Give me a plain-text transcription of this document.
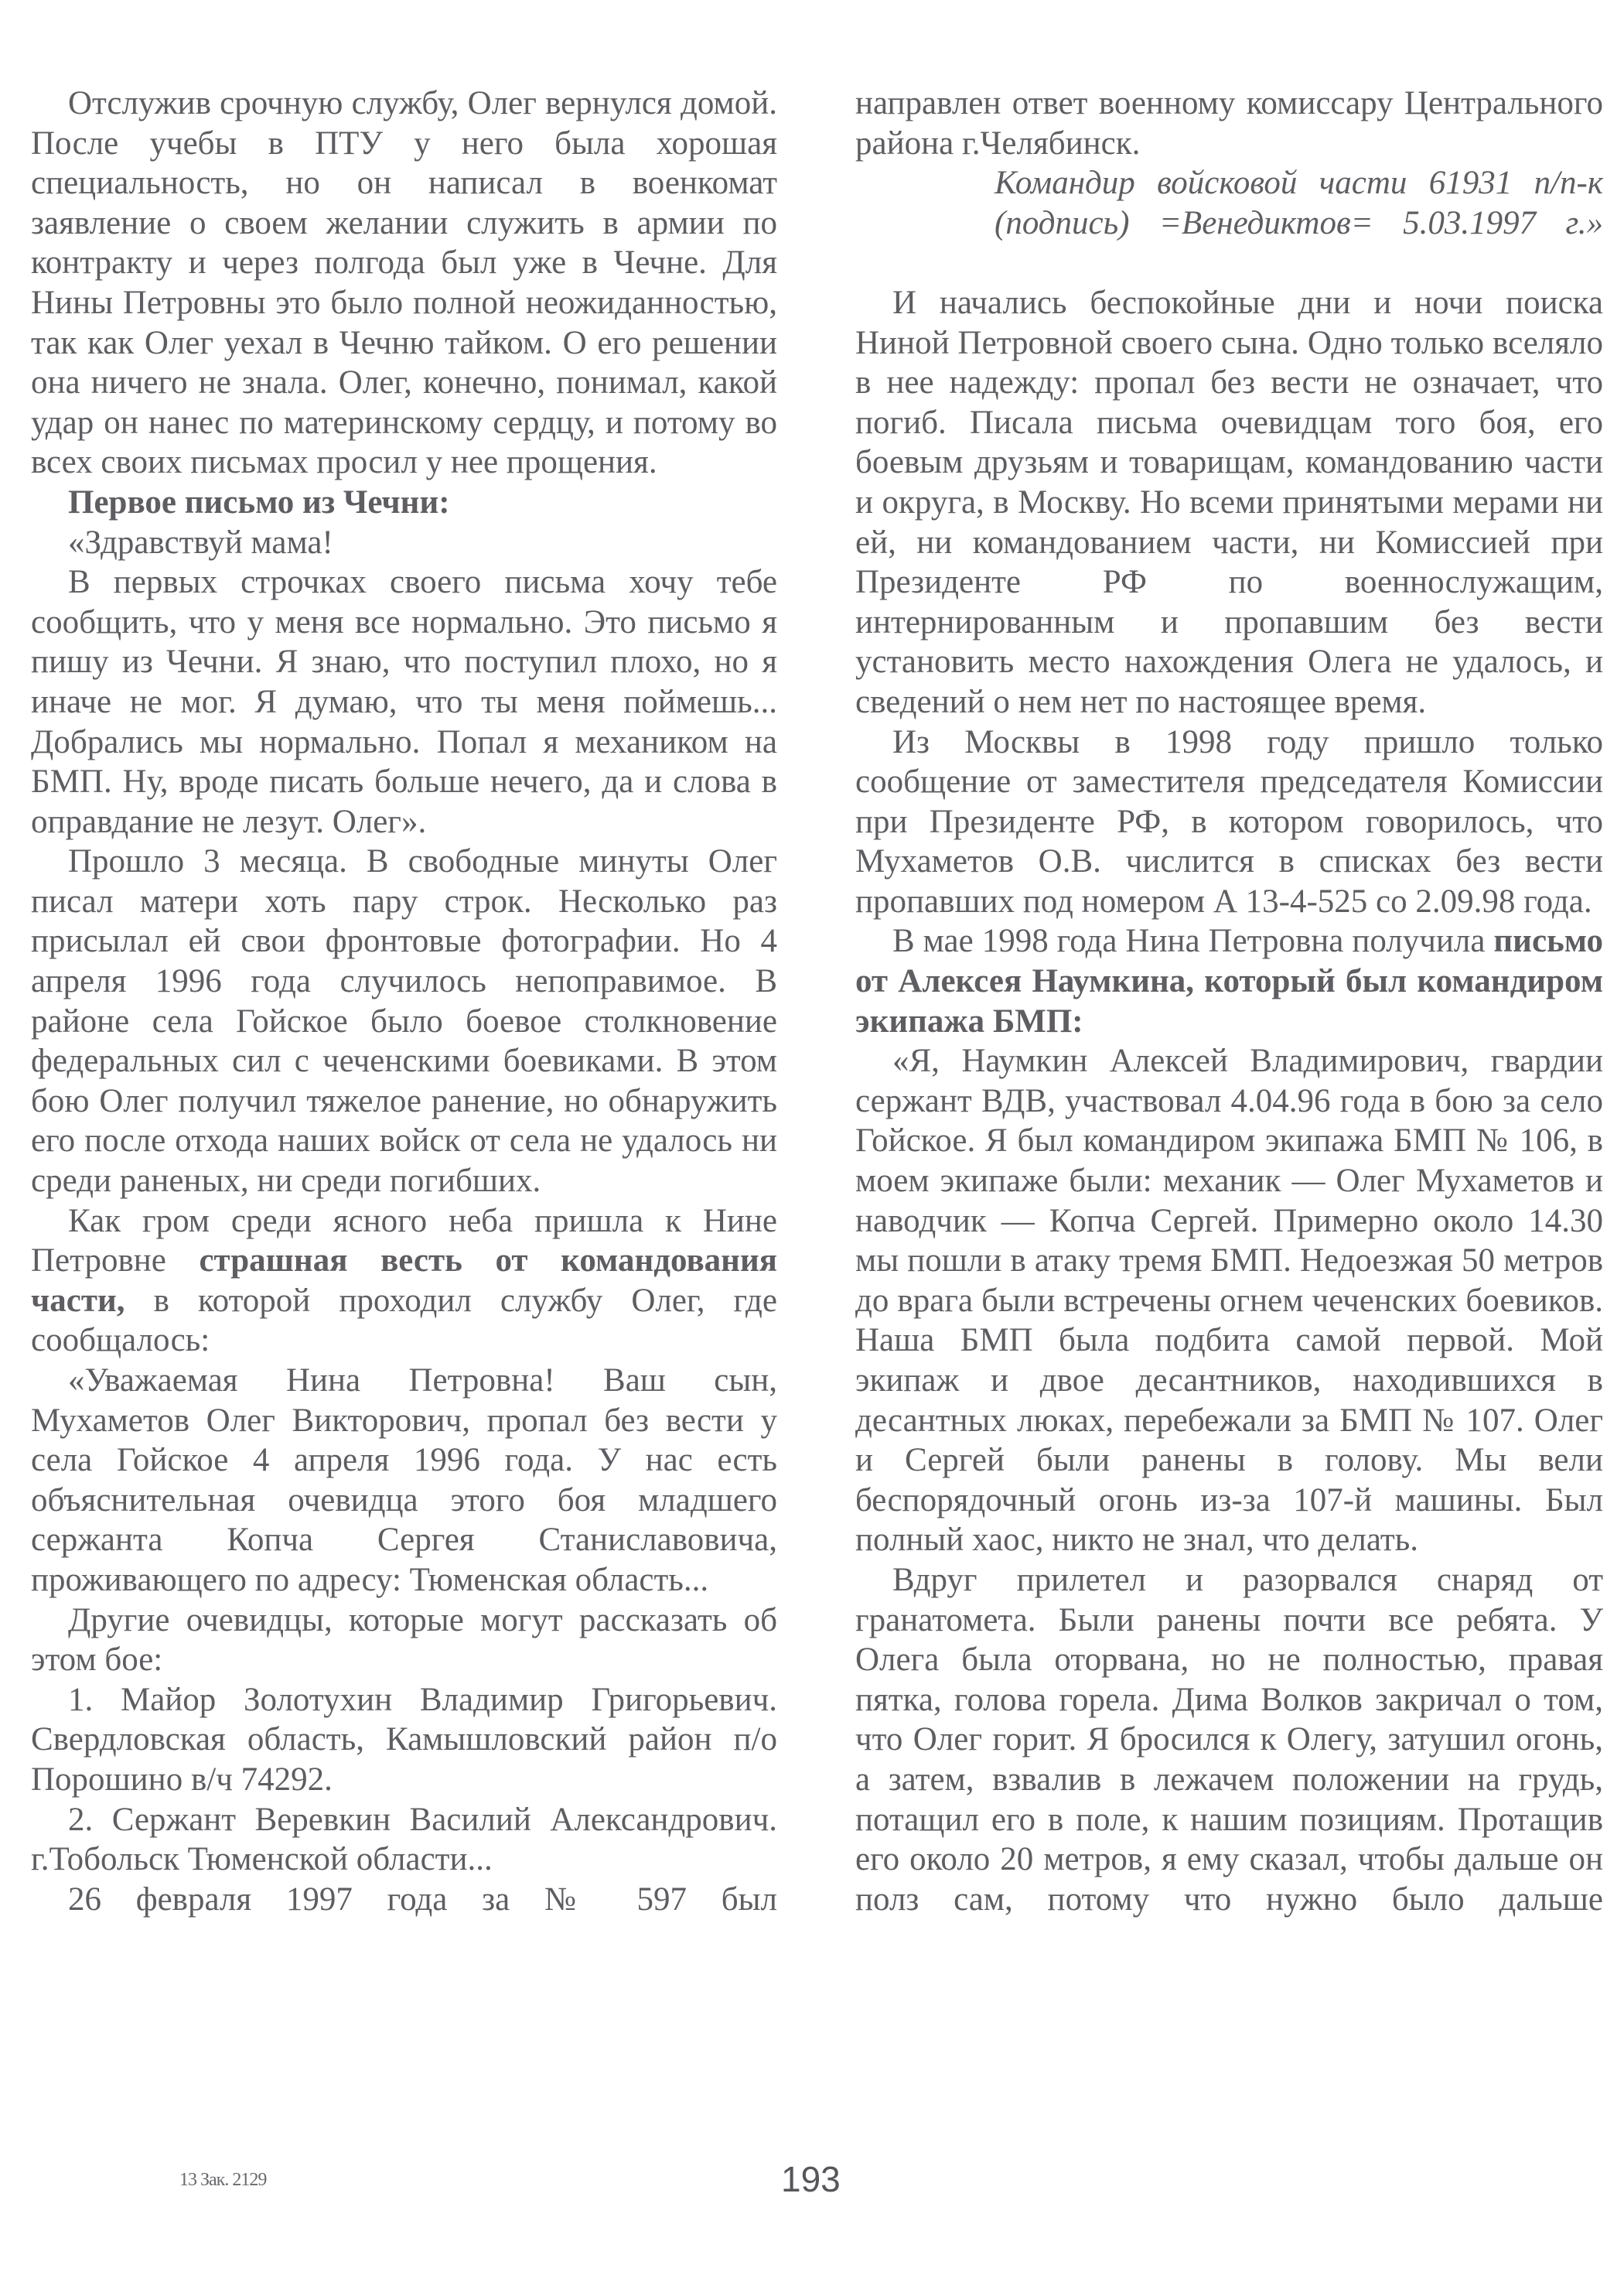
Отслужив срочную службу, Олег вернулся домой. После учебы в ПТУ у него была хорошая специальность, но он написал в военкомат заявление о своем желании служить в армии по контракту и через полгода был уже в Чечне. Для Нины Петровны это было полной неожиданностью, так как Олег уехал в Чечню тайком. О его решении она ничего не знала. Олег, конечно, понимал, какой удар он нанес по материнскому сердцу, и потому во всех своих письмах просил у нее прощения.

Первое письмо из Чечни:

«Здравствуй мама!

В первых строчках своего письма хочу тебе сообщить, что у меня все нормально. Это письмо я пишу из Чечни. Я знаю, что поступил плохо, но я иначе не мог. Я думаю, что ты меня поймешь... Добрались мы нормально. Попал я механиком на БМП. Ну, вроде писать больше нечего, да и слова в оправдание не лезут. Олег».

Прошло 3 месяца. В свободные минуты Олег писал матери хоть пару строк. Несколько раз присылал ей свои фронтовые фотографии. Но 4 апреля 1996 года случилось непоправимое. В районе села Гойское было боевое столкновение федеральных сил с чеченскими боевиками. В этом бою Олег получил тяжелое ранение, но обнаружить его после отхода наших войск от села не удалось ни среди раненых, ни среди погибших.

Как гром среди ясного неба пришла к Нине Петровне страшная весть от командования части, в которой проходил службу Олег, где сообщалось:

«Уважаемая Нина Петровна! Ваш сын, Мухаметов Олег Викторович, пропал без вести у села Гойское 4 апреля 1996 года. У нас есть объяснительная очевидца этого боя младшего сержанта Копча Сергея Станиславовича, проживающего по адресу: Тюменская область...

Другие очевидцы, которые могут рассказать об этом бое:

1. Майор Золотухин Владимир Григорьевич. Свердловская область, Камышловский район п/о Порошино в/ч 74292.

2. Сержант Веревкин Василий Александрович. г.Тобольск Тюменской области...

26 февраля 1997 года за № 597 был

направлен ответ военному комиссару Центрального района г.Челябинск.

Командир войсковой части 61931 п/п-к
(подпись) =Венедиктов= 5.03.1997 г.»

И начались беспокойные дни и ночи поиска Ниной Петровной своего сына. Одно только вселяло в нее надежду: пропал без вести не означает, что погиб. Писала письма очевидцам того боя, его боевым друзьям и товарищам, командованию части и округа, в Москву. Но всеми принятыми мерами ни ей, ни командованием части, ни Комиссией при Президенте РФ по военнослужащим, интернированным и пропавшим без вести установить место нахождения Олега не удалось, и сведений о нем нет по настоящее время.

Из Москвы в 1998 году пришло только сообщение от заместителя председателя Комиссии при Президенте РФ, в котором говорилось, что Мухаметов О.В. числится в списках без вести пропавших под номером А 13-4-525 со 2.09.98 года.

В мае 1998 года Нина Петровна получила письмо от Алексея Наумкина, который был командиром экипажа БМП:

«Я, Наумкин Алексей Владимирович, гвардии сержант ВДВ, участвовал 4.04.96 года в бою за село Гойское. Я был командиром экипажа БМП № 106, в моем экипаже были: механик — Олег Мухаметов и наводчик — Копча Сергей. Примерно около 14.30 мы пошли в атаку тремя БМП. Недоезжая 50 метров до врага были встречены огнем чеченских боевиков. Наша БМП была подбита самой первой. Мой экипаж и двое десантников, находившихся в десантных люках, перебежали за БМП № 107. Олег и Сергей были ранены в голову. Мы вели беспорядочный огонь из-за 107-й машины. Был полный хаос, никто не знал, что делать.

Вдруг прилетел и разорвался снаряд от гранатомета. Были ранены почти все ребята. У Олега была оторвана, но не полностью, правая пятка, голова горела. Дима Волков закричал о том, что Олег горит. Я бросился к Олегу, затушил огонь, а затем, взвалив в лежачем положении на грудь, потащил его в поле, к нашим позициям. Протащив его около 20 метров, я ему сказал, чтобы дальше он полз сам, потому что нужно было дальше

13 Зак. 2129	193
